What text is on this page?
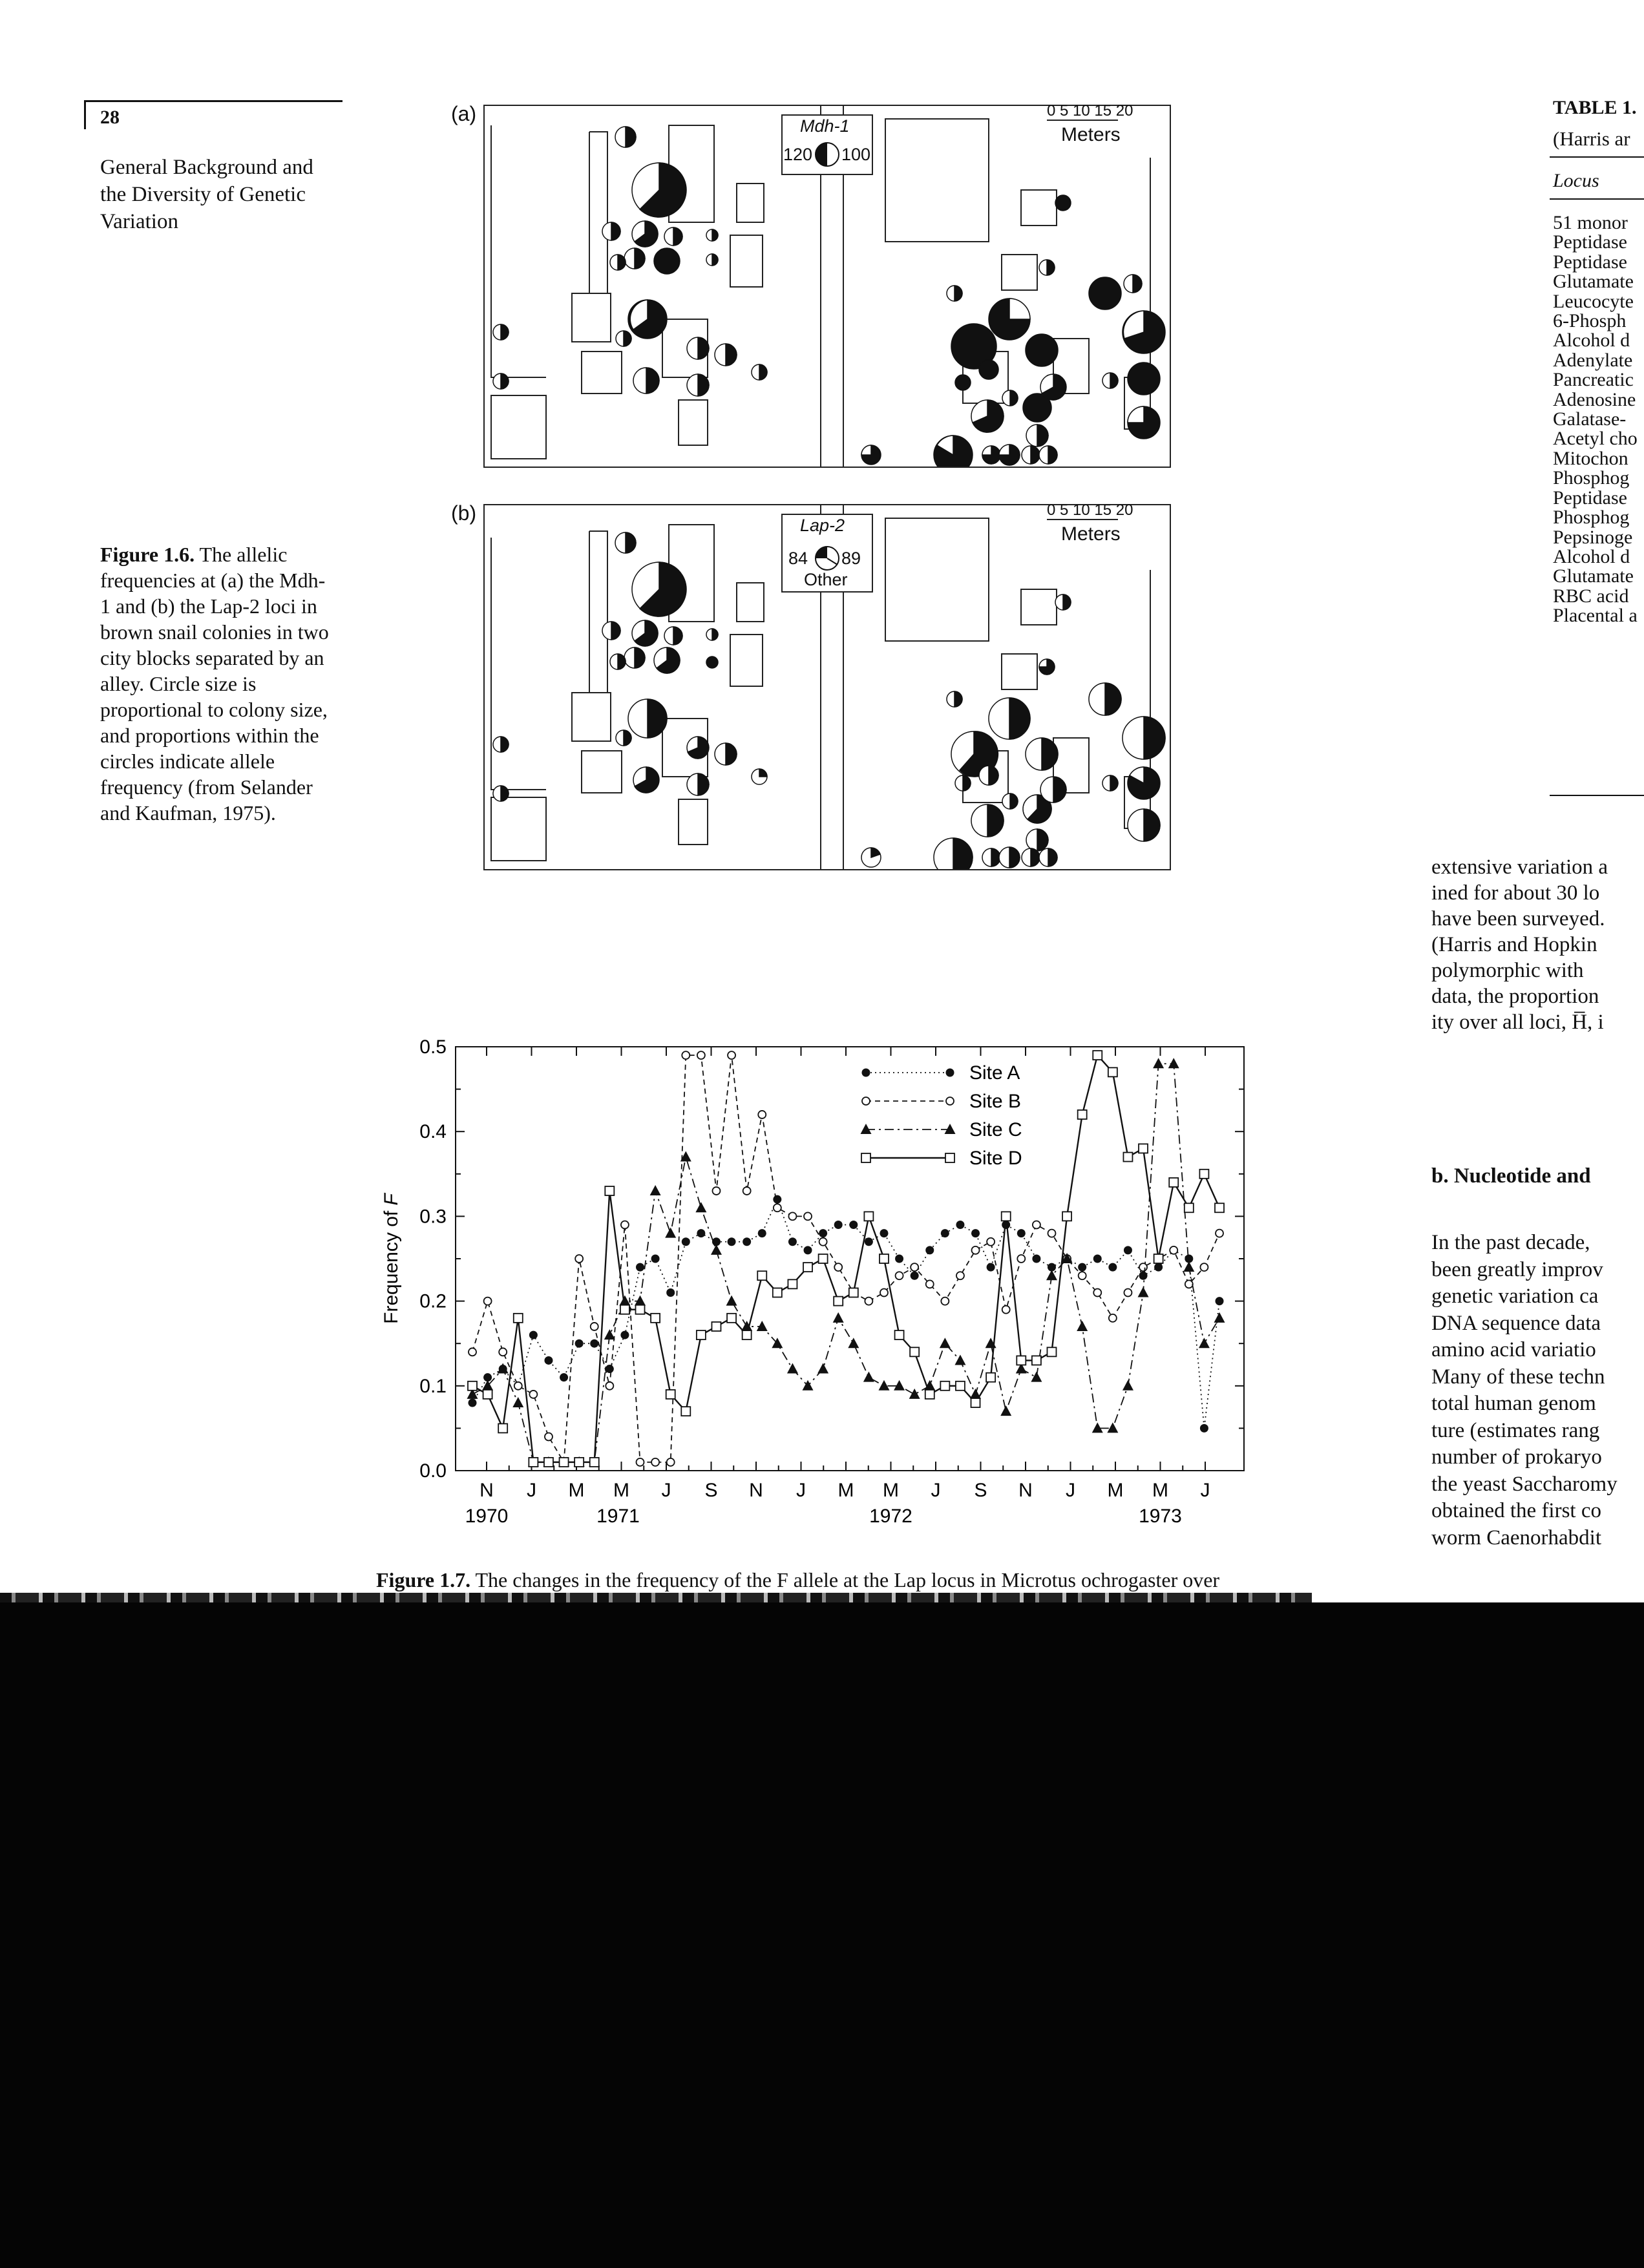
28
General Background and the Diversity of Genetic Variation
(a)
(b)
Mdh-1
120 100
0 5 10 15 20
Meters
Lap-2
84 89
Other
0 5 10 15 20
Meters
Figure 1.6. The allelic frequencies at (a) the Mdh-1 and (b) the Lap-2 loci in brown snail colonies in two city blocks separated by an alley. Circle size is proportional to colony size, and proportions within the circles indicate allele frequency (from Selander and Kaufman, 1975).
0.0
0.1
0.2
0.3
0.4
0.5
Frequency of F
N J M M J S N J M M J S N J M M J
1970	1971	1972	1973
Site A
Site B
Site C
Site D
Figure 1.7. The changes in the frequency of the F allele at the Lap locus in Microtus ochrogaster over
TABLE 1.
(Harris ar
Locus
51 monor
Peptidase
Peptidase
Glutamate
Leucocyte
6-Phosph
Alcohol d
Adenylate
Pancreatic
Adenosine
Galatase-
Acetyl cho
Mitochon
Phosphog
Peptidase
Phosphog
Pepsinoge
Alcohol d
Glutamate
RBC acid
Placental a
extensive variation a
ined for about 30 lo
have been surveyed.
(Harris and Hopkin
polymorphic with
data, the proportion
ity over all loci, H̅, i
b. Nucleotide and
In the past decade,
been greatly improv
genetic variation ca
DNA sequence data
amino acid variatio
Many of these techn
total human genom
ture (estimates rang
number of prokaryo
the yeast Saccharomy
obtained the first co
worm Caenorhabdit
